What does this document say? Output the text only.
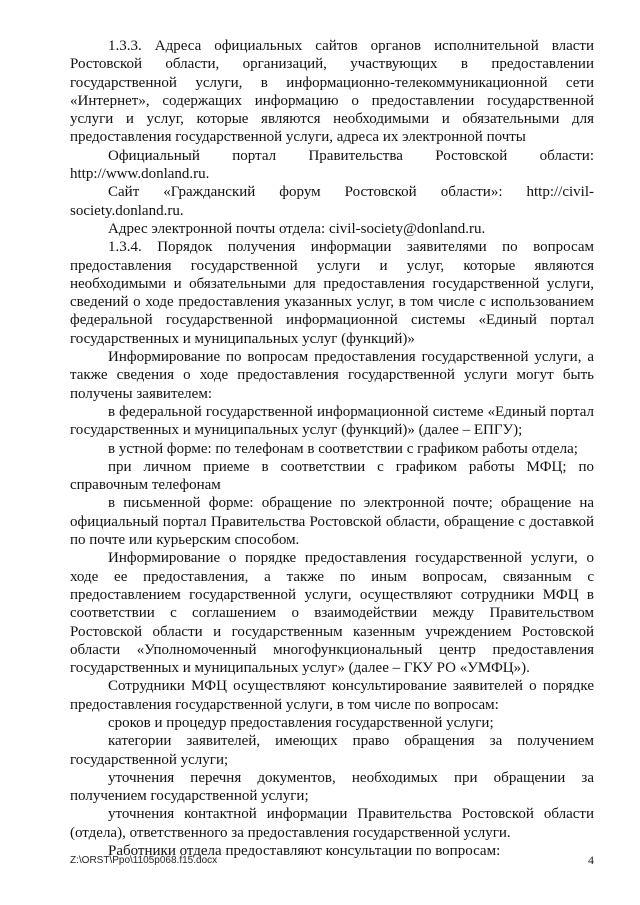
1.3.3. Адреса официальных сайтов органов исполнительной власти Ростовской области, организаций, участвующих в предоставлении государственной услуги, в информационно-телекоммуникационной сети «Интернет», содержащих информацию о предоставлении государственной услуги и услуг, которые являются необходимыми и обязательными для предоставления государственной услуги, адреса их электронной почты

Официальный портал Правительства Ростовской области: http://www.donland.ru.

Сайт «Гражданский форум Ростовской области»: http://civil-society.donland.ru.

Адрес электронной почты отдела: civil-society@donland.ru.

1.3.4. Порядок получения информации заявителями по вопросам предоставления государственной услуги и услуг, которые являются необходимыми и обязательными для предоставления государственной услуги, сведений о ходе предоставления указанных услуг, в том числе с использованием федеральной государственной информационной системы «Единый портал государственных и муниципальных услуг (функций)»

Информирование по вопросам предоставления государственной услуги, а также сведения о ходе предоставления государственной услуги могут быть получены заявителем:

в федеральной государственной информационной системе «Единый портал государственных и муниципальных услуг (функций)» (далее – ЕПГУ);

в устной форме: по телефонам в соответствии с графиком работы отдела;

при личном приеме в соответствии с графиком работы МФЦ; по справочным телефонам

в письменной форме: обращение по электронной почте; обращение на официальный портал Правительства Ростовской области, обращение с доставкой по почте или курьерским способом.

Информирование о порядке предоставления государственной услуги, о ходе ее предоставления, а также по иным вопросам, связанным с предоставлением государственной услуги, осуществляют сотрудники МФЦ в соответствии с соглашением о взаимодействии между Правительством Ростовской области и государственным казенным учреждением Ростовской области «Уполномоченный многофункциональный центр предоставления государственных и муниципальных услуг» (далее – ГКУ РО «УМФЦ»).

Сотрудники МФЦ осуществляют консультирование заявителей о порядке предоставления государственной услуги, в том числе по вопросам:

сроков и процедур предоставления государственной услуги;

категории заявителей, имеющих право обращения за получением государственной услуги;

уточнения перечня документов, необходимых при обращении за получением государственной услуги;

уточнения контактной информации Правительства Ростовской области (отдела), ответственного за предоставления государственной услуги.

Работники отдела предоставляют консультации по вопросам:

Z:\ORST\Ppo\1105p068.f15.docx	4
